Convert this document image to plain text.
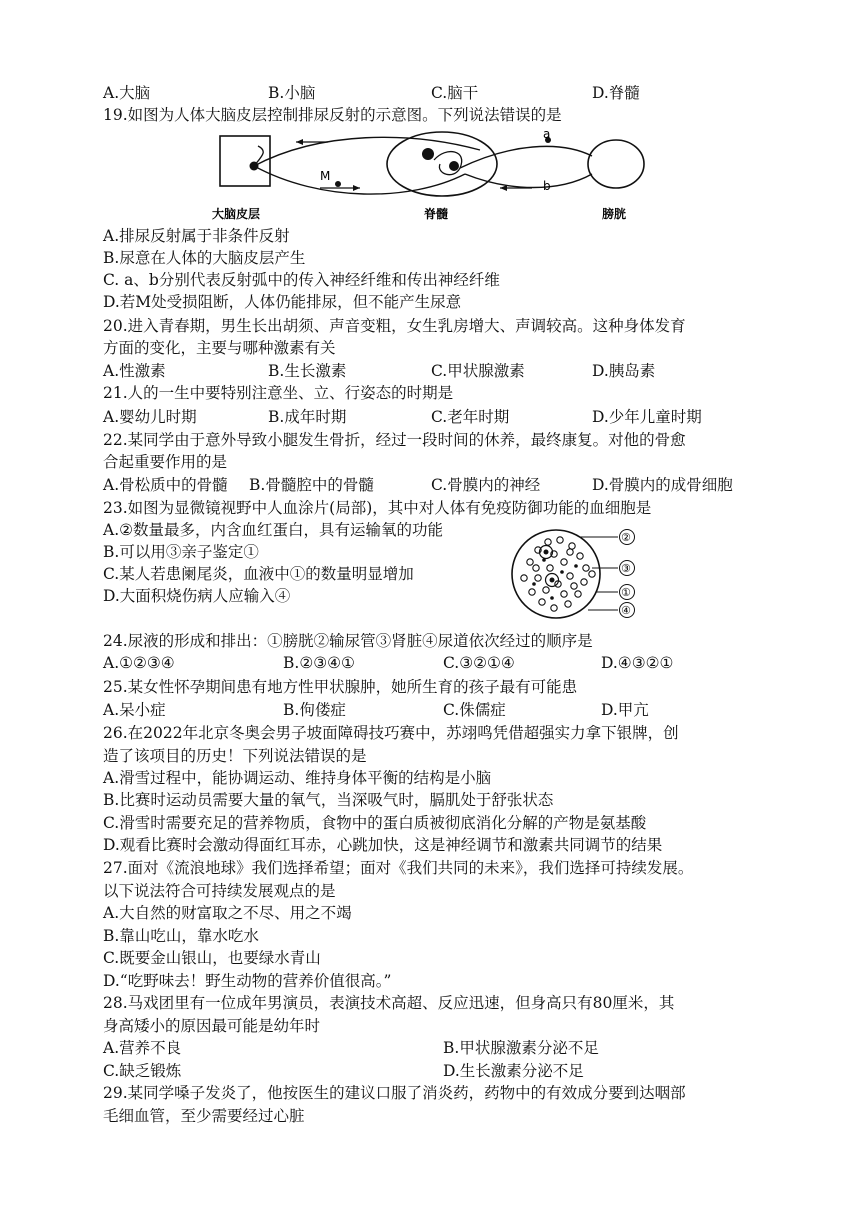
A.大脑	B.小脑	C.脑干	D.脊髓
19.如图为人体大脑皮层控制排尿反射的示意图。下列说法错误的是
a
b
M
大脑皮层	脊髓	膀胱
A.排尿反射属于非条件反射
B.尿意在人体的大脑皮层产生
C. a、b分别代表反射弧中的传入神经纤维和传出神经纤维
D.若M处受损阻断，人体仍能排尿，但不能产生尿意
20.进入青春期，男生长出胡须、声音变粗，女生乳房增大、声调较高。这种身体发育
方面的变化，主要与哪种激素有关
A.性激素	B.生长激素	C.甲状腺激素	D.胰岛素
21.人的一生中要特别注意坐、立、行姿态的时期是
A.婴幼儿时期	B.成年时期	C.老年时期	D.少年儿童时期
22.某同学由于意外导致小腿发生骨折，经过一段时间的休养，最终康复。对他的骨愈
合起重要作用的是
A.骨松质中的骨髓 B.骨髓腔中的骨髓	C.骨膜内的神经	D.骨膜内的成骨细胞
23.如图为显微镜视野中人血涂片(局部)，其中对人体有免疫防御功能的血细胞是
A.②数量最多，内含血红蛋白，具有运输氧的功能
B.可以用③亲子鉴定①
C.某人若患阑尾炎，血液中①的数量明显增加
D.大面积烧伤病人应输入④
②
③
①
④
24.尿液的形成和排出：①膀胱②输尿管③肾脏④尿道依次经过的顺序是
A.①②③④	B.②③④①	C.③②①④	D.④③②①
25.某女性怀孕期间患有地方性甲状腺肿，她所生育的孩子最有可能患
A.呆小症	B.佝偻症	C.侏儒症	D.甲亢
26.在2022年北京冬奥会男子坡面障碍技巧赛中，苏翊鸣凭借超强实力拿下银牌，创
造了该项目的历史！下列说法错误的是
A.滑雪过程中，能协调运动、维持身体平衡的结构是小脑
B.比赛时运动员需要大量的氧气，当深吸气时，膈肌处于舒张状态
C.滑雪时需要充足的营养物质，食物中的蛋白质被彻底消化分解的产物是氨基酸
D.观看比赛时会激动得面红耳赤，心跳加快，这是神经调节和激素共同调节的结果
27.面对《流浪地球》我们选择希望；面对《我们共同的未来》，我们选择可持续发展。
以下说法符合可持续发展观点的是
A.大自然的财富取之不尽、用之不竭
B.靠山吃山，靠水吃水
C.既要金山银山，也要绿水青山
D.“吃野味去！野生动物的营养价值很高。”
28.马戏团里有一位成年男演员，表演技术高超、反应迅速，但身高只有80厘米，其
身高矮小的原因最可能是幼年时
A.营养不良	B.甲状腺激素分泌不足
C.缺乏锻炼	D.生长激素分泌不足
29.某同学嗓子发炎了，他按医生的建议口服了消炎药，药物中的有效成分要到达咽部
毛细血管，至少需要经过心脏
